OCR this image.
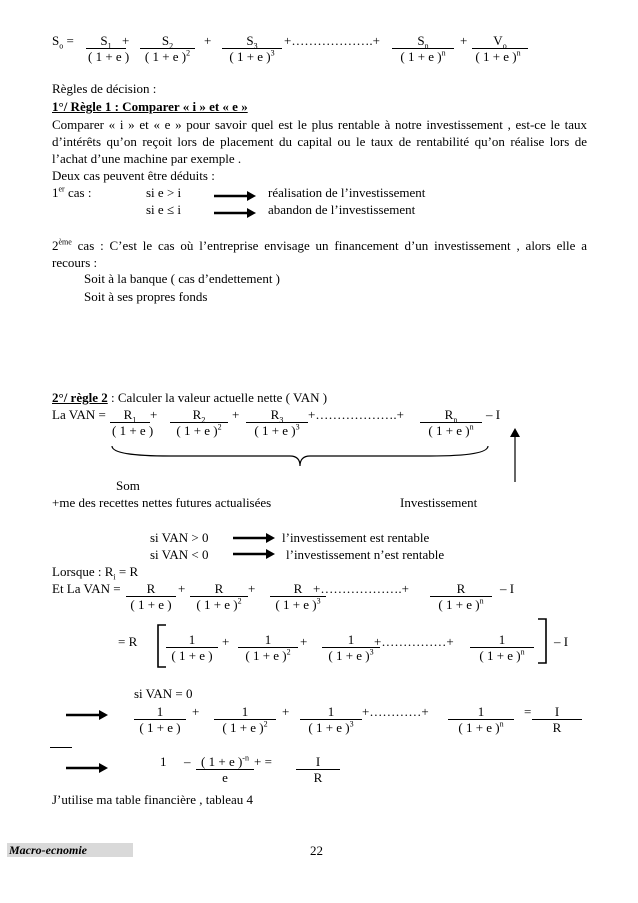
$S_o = \frac{S_1}{( 1 + e )}$
+ $\frac{S_2}{( 1 + e )^2} + \frac{S_3}{( 1 + e )^3}$ +……………….+ $\frac{S_n}{( 1 + e )^n}$ +
$\frac{V_o}{( 1 + e )^n}$
Règles de décision :
1°/ Règle 1 : Comparer « i » et « e »
Comparer « i » et « e » pour savoir quel est le plus rentable à notre investissement , est-ce le taux d’intérêts qu’on reçoit lors de placement du capital ou le taux de rentabilité qu’on réalise lors de l’achat d’une machine par exemple .
Deux cas peuvent être déduits :
1er cas :	si e > i	réalisation de l’investissement
si e ≤ i	abandon de l’investissement
2ème cas : C’est le cas où l’entreprise envisage un financement d’un investissement , alors elle a recours :
Soit à la banque ( cas d’endettement )
Soit à ses propres fonds
2°/ règle 2 : Calculer la valeur actuelle nette ( VAN )
La VAN = $\frac{R_1}{( 1 + e )} + \frac{R_2}{( 1 + e )^2} + \frac{R_3}{( 1 + e )^3}$ +……………….+ $\frac{R_n}{( 1 + e )^n}$ – I
Som
+me des recettes nettes futures actualisées	Investissement
si VAN > 0	l’investissement est rentable
si VAN < 0	l’investissement n’est rentable
Lorsque : $R_i = R$
Et La VAN = $\frac{R}{( 1 + e )} + \frac{R}{( 1 + e )^2} + \frac{R}{( 1 + e )^3}$
+……………….+ $\frac{R}{( 1 + e )^n}$ – I
= R $\frac{1}{( 1 + e )} + \frac{1}{( 1 + e )^2} + \frac{1}{( 1 + e )^3}$
+……………+ $\frac{1}{( 1 + e )^n}$ – I
si VAN = 0
$\frac{1}{( 1 + e )} + \frac{1}{( 1 + e )^2} + \frac{1}{( 1 + e )^3}$ +…………+ $\frac{1}{( 1 + e )^n} = \frac{I}{R}$
$1 - \frac{( 1 + e )^{-n}}{e}$ + = $\frac{I}{R}$
J’utilise ma table financière , tableau 4
Macro-ecnomie	22
